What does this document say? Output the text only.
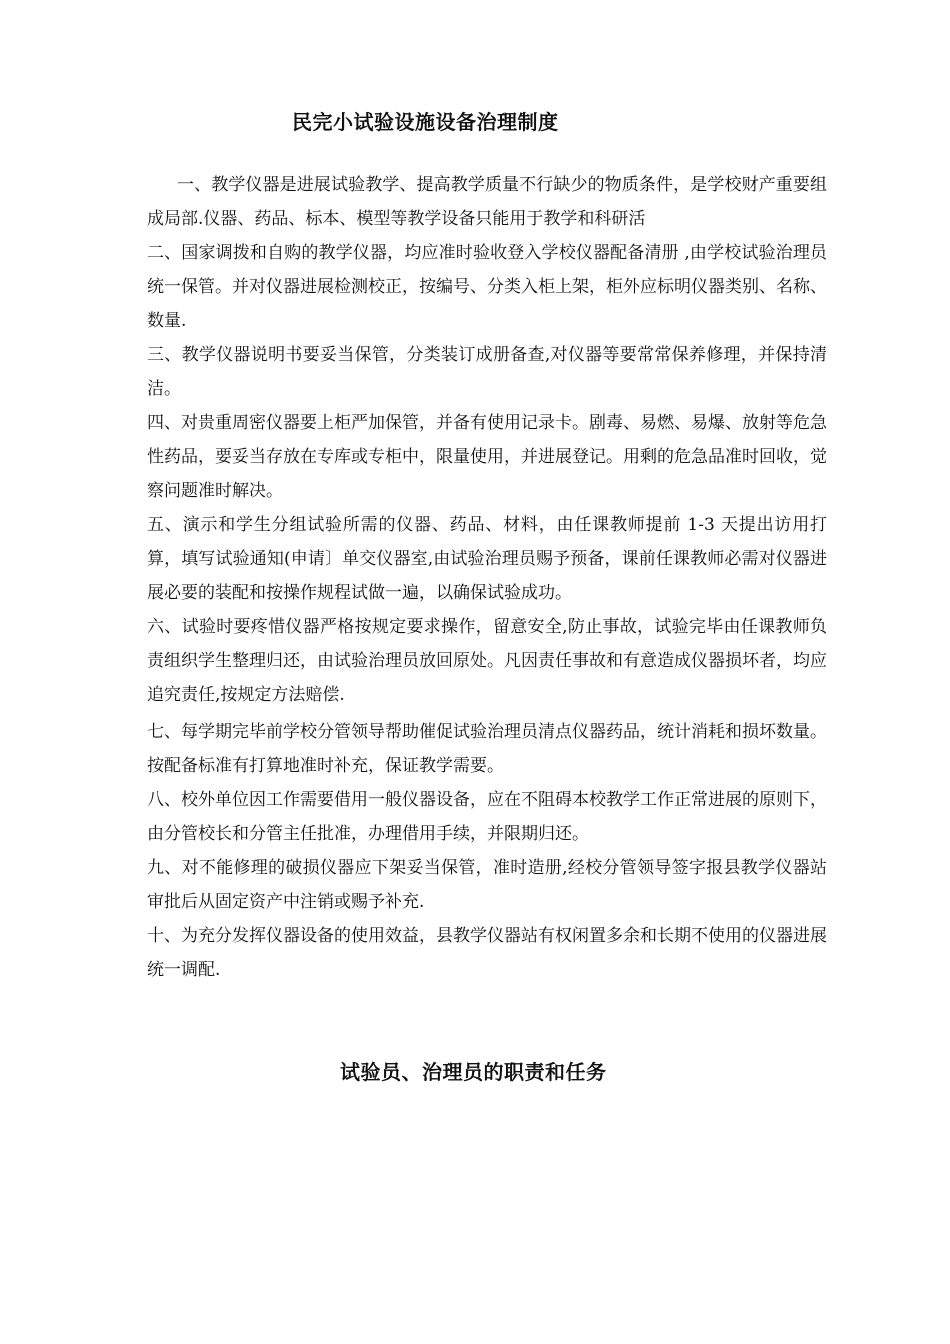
民完小试验设施设备治理制度

一、教学仪器是进展试验教学、提高教学质量不行缺少的物质条件，是学校财产重要组成局部.仪器、药品、标本、模型等教学设备只能用于教学和科研活

二、国家调拨和自购的教学仪器，均应准时验收登入学校仪器配备清册 ,由学校试验治理员统一保管。并对仪器进展检测校正，按编号、分类入柜上架，柜外应标明仪器类别、名称、数量.

三、教学仪器说明书要妥当保管，分类装订成册备查,对仪器等要常常保养修理，并保持清洁。

四、对贵重周密仪器要上柜严加保管，并备有使用记录卡。剧毒、易燃、易爆、放射等危急性药品，要妥当存放在专库或专柜中，限量使用，并进展登记。用剩的危急品准时回收，觉察问题准时解决。

五、演示和学生分组试验所需的仪器、药品、材料，由任课教师提前 1-3 天提出访用打算，填写试验通知(申请〕单交仪器室,由试验治理员赐予预备，课前任课教师必需对仪器进展必要的装配和按操作规程试做一遍，以确保试验成功。

六、试验时要疼惜仪器严格按规定要求操作，留意安全,防止事故，试验完毕由任课教师负责组织学生整理归还，由试验治理员放回原处。凡因责任事故和有意造成仪器损坏者，均应追究责任,按规定方法赔偿.

七、每学期完毕前学校分管领导帮助催促试验治理员清点仪器药品，统计消耗和损坏数量。按配备标准有打算地准时补充，保证教学需要。

八、校外单位因工作需要借用一般仪器设备，应在不阻碍本校教学工作正常进展的原则下，由分管校长和分管主任批准，办理借用手续，并限期归还。

九、对不能修理的破损仪器应下架妥当保管，准时造册,经校分管领导签字报县教学仪器站审批后从固定资产中注销或赐予补充.

十、为充分发挥仪器设备的使用效益，县教学仪器站有权闲置多余和长期不使用的仪器进展统一调配.

试验员、治理员的职责和任务
